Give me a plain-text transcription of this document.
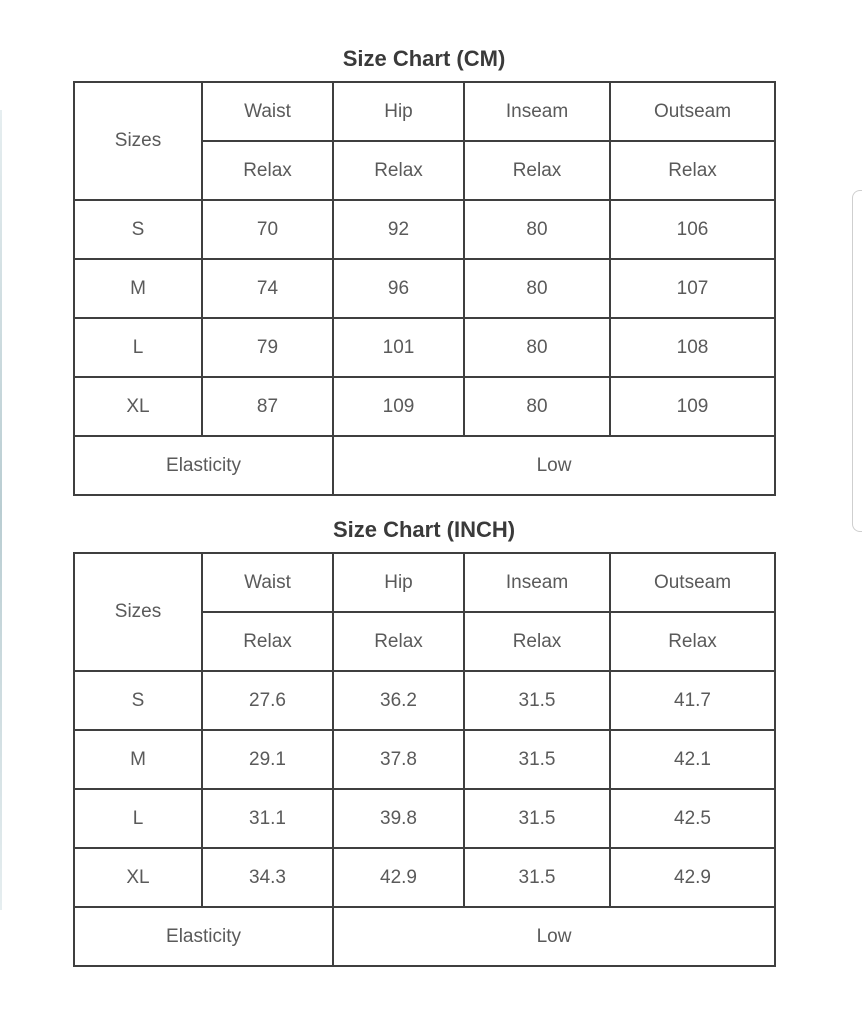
Size Chart (CM)
Sizes	Waist	Hip	Inseam	Outseam
	Relax	Relax	Relax	Relax
S	70	92	80	106
M	74	96	80	107
L	79	101	80	108
XL	87	109	80	109
Elasticity		Low		
Size Chart (INCH)
Sizes	Waist	Hip	Inseam	Outseam
	Relax	Relax	Relax	Relax
S	27.6	36.2	31.5	41.7
M	29.1	37.8	31.5	42.1
L	31.1	39.8	31.5	42.5
XL	34.3	42.9	31.5	42.9
Elasticity		Low		
